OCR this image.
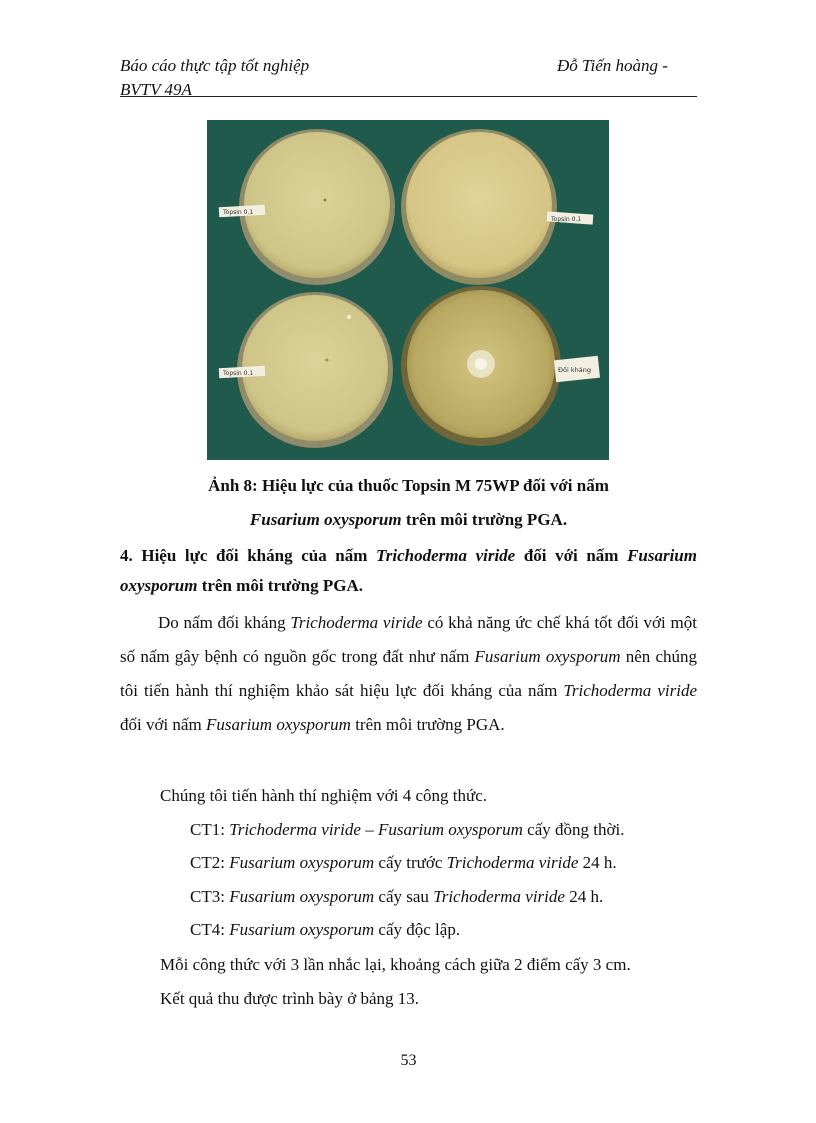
Báo cáo thực tập tốt nghiệp	Đỗ Tiến hoàng -
BVTV 49A
Topsin 0.1
Topsin 0.1
Topsin 0.1	Đối kháng
Ảnh 8: Hiệu lực của thuốc Topsin M 75WP đối với nấm
Fusarium oxysporum trên môi trường PGA.
4. Hiệu lực đối kháng của nấm Trichoderma viride đối với nấm Fusarium oxysporum trên môi trường PGA.
Do nấm đối kháng Trichoderma viride có khả năng ức chế khá tốt đối với một số nấm gây bệnh có nguồn gốc trong đất như nấm Fusarium oxysporum nên chúng tôi tiến hành thí nghiệm khảo sát hiệu lực đối kháng của nấm Trichoderma viride đối với nấm Fusarium oxysporum trên môi trường PGA.
Chúng tôi tiến hành thí nghiệm với 4 công thức.
CT1: Trichoderma viride – Fusarium oxysporum cấy đồng thời.
CT2: Fusarium oxysporum cấy trước Trichoderma viride 24 h.
CT3: Fusarium oxysporum cấy sau Trichoderma viride 24 h.
CT4: Fusarium oxysporum cấy độc lập.
Mỗi công thức với 3 lần nhắc lại, khoảng cách giữa 2 điểm cấy 3 cm.
Kết quả thu được trình bày ở bảng 13.
53
